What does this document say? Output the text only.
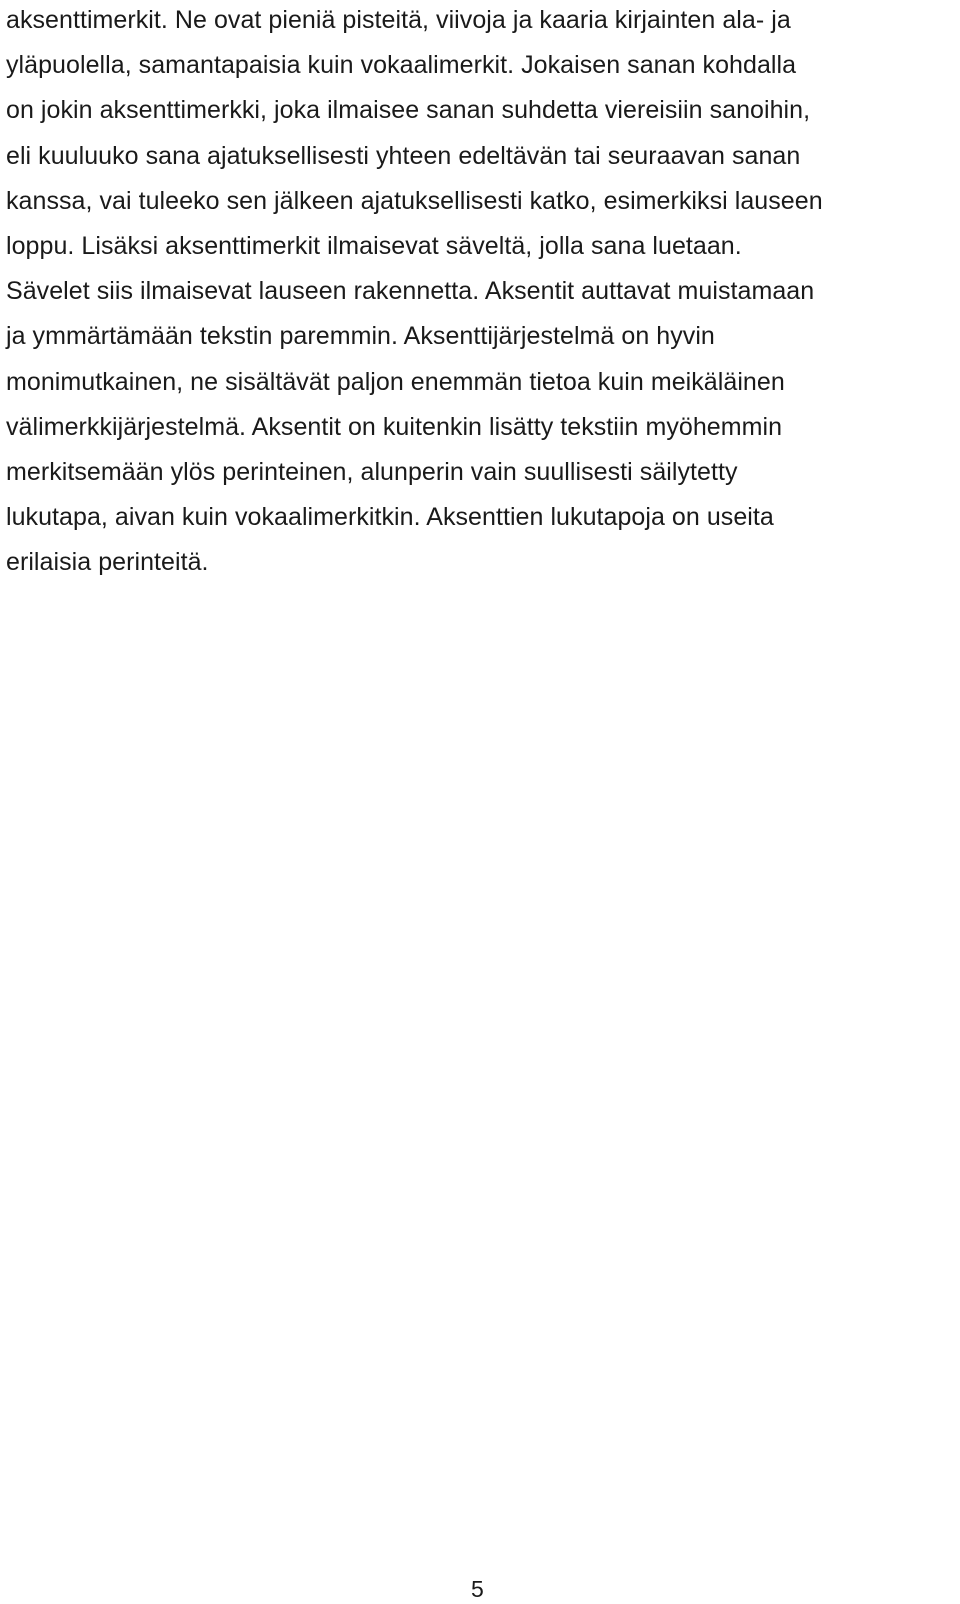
aksenttimerkit. Ne ovat pieniä pisteitä, viivoja ja kaaria kirjainten ala- ja
yläpuolella, samantapaisia kuin vokaalimerkit. Jokaisen sanan kohdalla
on jokin aksenttimerkki, joka ilmaisee sanan suhdetta viereisiin sanoihin,
eli kuuluuko sana ajatuksellisesti yhteen edeltävän tai seuraavan sanan
kanssa, vai tuleeko sen jälkeen ajatuksellisesti katko, esimerkiksi lauseen
loppu. Lisäksi aksenttimerkit ilmaisevat säveltä, jolla sana luetaan.
Sävelet siis ilmaisevat lauseen rakennetta. Aksentit auttavat muistamaan
ja ymmärtämään tekstin paremmin. Aksenttijärjestelmä on hyvin
monimutkainen, ne sisältävät paljon enemmän tietoa kuin meikäläinen
välimerkkijärjestelmä. Aksentit on kuitenkin lisätty tekstiin myöhemmin
merkitsemään ylös perinteinen, alunperin vain suullisesti säilytetty
lukutapa, aivan kuin vokaalimerkitkin. Aksenttien lukutapoja on useita
erilaisia perinteitä.
5
